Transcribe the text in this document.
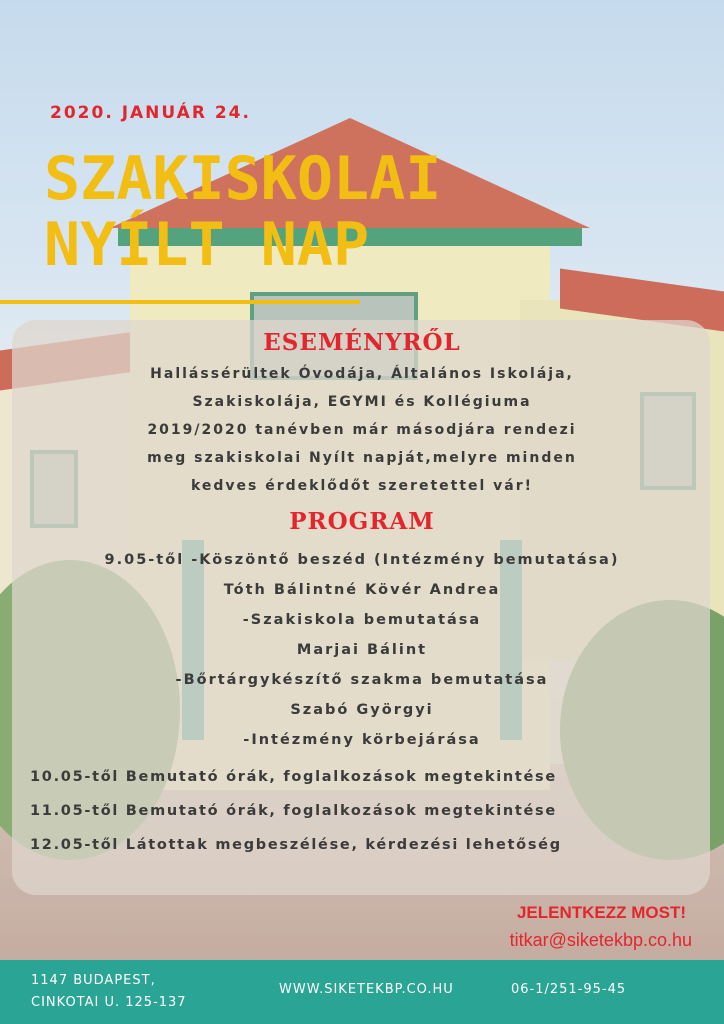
2020. JANUÁR 24.

SZAKISKOLAI
NYÍLT NAP
ESEMÉNYRŐL
Hallássérültek Óvodája, Általános Iskolája,
Szakiskolája, EGYMI és Kollégiuma
2019/2020 tanévben már másodjára rendezi
meg szakiskolai Nyílt napját,melyre minden
kedves érdeklődőt szeretettel vár!
PROGRAM
9.05-től -Köszöntő beszéd (Intézmény bemutatása)
Tóth Bálintné Kövér Andrea
-Szakiskola bemutatása
Marjai Bálint
-Bőrtárgykészítő szakma bemutatása
Szabó Györgyi
-Intézmény körbejárása
10.05-től Bemutató órák, foglalkozások megtekintése
11.05-től Bemutató órák, foglalkozások megtekintése
12.05-től Látottak megbeszélése, kérdezési lehetőség

JELENTKEZZ MOST!

titkar@siketekbp.co.hu

1147 BUDAPEST,
CINKOTAI U. 125-137
WWW.SIKETEKBP.CO.HU	06-1/251-95-45
